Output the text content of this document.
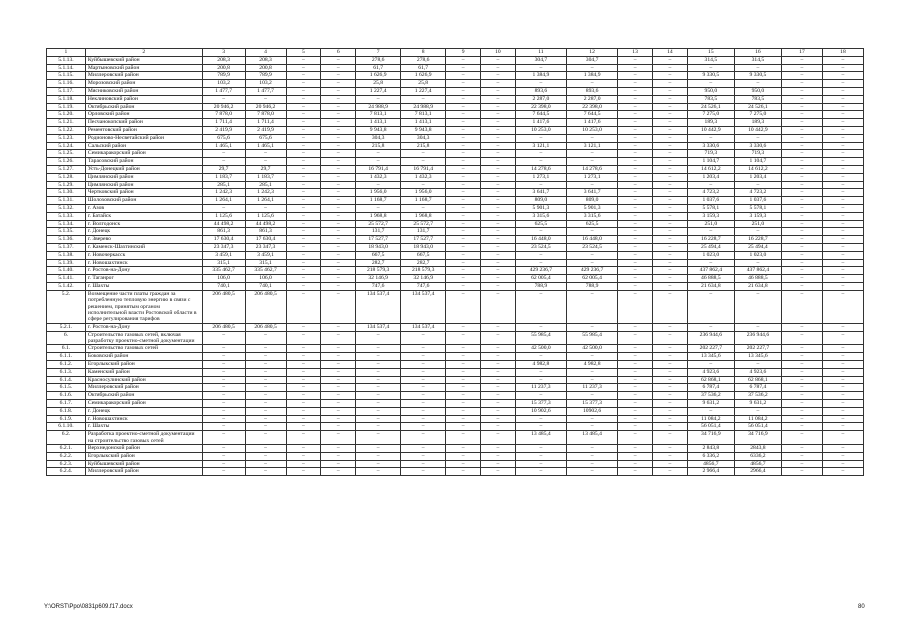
1	2	3	4	5	6	7	8	9	10	11	12	13	14	15	16	17	18
5.1.13.	Куйбышевский район	208,3	208,3	–	–	278,6	278,6	–	–	304,7	304,7	–	–	314,5	314,5	–	–
5.1.14.	Мартыновский район	200,8	200,8	–	–	61,7	61,7	–	–	–	–	–	–	–	–	–	–
5.1.15.	Миллеровский район	789,9	789,9	–	–	1 626,9	1 626,9	–	–	1 384,9	1 384,9	–	–	9 330,5	9 330,5	–	–
5.1.16.	Морозовский район	103,2	103,2	–	–	25,8	25,8	–	–	–	–	–	–	–	–	–	–
5.1.17.	Мясниковский район	1 477,7	1 477,7	–	–	1 227,4	1 227,4	–	–	893,6	893,6	–	–	950,0	950,0	–	–
5.1.18.	Неклиновский район	–	–	–	–	–	–	–	–	2 287,0	2 287,0	–	–	783,5	783,5	–	–
5.1.19.	Октябрьский район	20 946,2	20 946,2	–	–	24 988,9	24 988,9	–	–	22 398,0	22 398,0	–	–	24 526,1	24 526,1	–	–
5.1.20.	Орловский район	7 878,0	7 878,0	–	–	7 813,1	7 813,1	–	–	7 644,5	7 644,5	–	–	7 275,0	7 275,0	–	–
5.1.21.	Песчанокопский район	1 711,4	1 711,4	–	–	1 413,1	1 413,1	–	–	1 417,6	1 417,6	–	–	189,3	189,3	–	–
5.1.22.	Рементовский район	2 419,9	2 419,9	–	–	9 943,8	9 943,8	–	–	10 253,0	10 253,0	–	–	10 442,9	10 442,9	–	–
5.1.23.	Родионово-Несветайский район	675,6	675,6	–	–	304,3	304,3	–	–	–	–	–	–	–	–	–	–
5.1.24.	Сальский район	1 465,1	1 465,1	–	–	215,8	215,8	–	–	3 121,1	3 121,1	–	–	3 330,6	3 330,6	–	–
5.1.25.	Семикаракорский район	–	–	–	–	–	–	–	–	–	–	–	–	719,3	719,3	–	–
5.1.26.	Тарасовский район	–	–	–	–	–	–	–	–	–	–	–	–	1 104,7	1 104,7	–	–
5.1.27.	Усть-Донецкий район	29,7	29,7	–	–	16 791,4	16 791,4	–	–	14 278,6	14 278,6	–	–	14 612,2	14 612,2	–	–
5.1.28.	Цимлянский район	1 183,7	1 183,7	–	–	1 432,3	1 432,3	–	–	1 273,1	1 273,1	–	–	1 203,4	1 203,4	–	–
5.1.29.	Цимлянский район	285,1	285,1	–	–	–	–	–	–	–	–	–	–	–	–	–	–
5.1.30.	Чертковский район	1 242,3	1 242,3	–	–	1 956,0	1 956,0	–	–	3 641,7	3 641,7	–	–	4 723,2	4 723,2	–	–
5.1.31.	Шолоховский район	1 264,1	1 264,1	–	–	1 168,7	1 168,7	–	–	809,0	809,0	–	–	1 037,6	1 037,6	–	–
5.1.32.	г. Азов	–	–	–	–	–	–	–	–	5 901,3	5 901,3	–	–	5 578,1	5 578,1	–	–
5.1.33.	г. Батайск	1 125,6	1 125,6	–	–	1 968,8	1 968,8	–	–	3 315,6	3 315,6	–	–	3 159,3	3 159,3	–	–
5.1.34.	г. Волгодонск	44 498,2	44 498,2	–	–	25 572,7	25 572,7	–	–	625,5	625,5	–	–	251,0	251,0	–	–
5.1.35.	г. Донецк	861,3	861,3	–	–	131,7	131,7	–	–	–	–	–	–	–	–	–	–
5.1.36.	г. Зверево	17 630,4	17 630,4	–	–	17 527,7	17 527,7	–	–	16 448,0	16 448,0	–	–	16 228,7	16 228,7	–	–
5.1.37.	г. Каменск-Шахтинский	23 347,3	23 347,3	–	–	18 943,0	18 943,0	–	–	23 524,5	23 524,5	–	–	25 494,4	25 494,4	–	–
5.1.38.	г. Новочеркасск	3 459,1	3 459,1	–	–	667,5	667,5	–	–	–	–	–	–	1 023,0	1 023,0	–	–
5.1.39.	г. Новошахтинск	315,1	315,1	–	–	282,7	282,7	–	–	–	–	–	–	–	–	–	–
5.1.40.	г. Ростов-на-Дону	335 462,7	335 462,7	–	–	218 579,3	218 579,3	–	–	429 236,7	429 236,7	–	–	437 862,4	437 862,4	–	–
5.1.41.	г. Таганрог	106,0	106,0	–	–	32 146,9	32 146,9	–	–	62 005,4	62 005,4	–	–	46 888,5	46 888,5	–	–
5.1.42.	г. Шахты	740,1	740,1	–	–	747,6	747,6	–	–	788,9	788,9	–	–	21 634,8	21 634,8	–	–
5.2.	Возмещение части платы граждан за потребленную тепловую энергию в связи с решением, принятым органом исполнительной власти Ростовской области в сфере регулирования тарифов	206 480,5	206 480,5	–	–	134 537,4	134 537,4	–	–	–	–	–	–	–	–	–	–
5.2.1.	г. Ростов-на-Дону	206 480,5	206 480,5	–	–	134 537,4	134 537,4	–	–	–	–	–	–	–	–	–	–
6.	Строительство газовых сетей, включая разработку проектно-сметной документации	–	–	–	–	–	–	–	–	55 985,4	55 985,4	–	–	236 944,6	236 944,6	–	–
6.1.	Строительство газовых сетей	–	–	–	–	–	–	–	–	42 500,0	42 500,0	–	–	202 227,7	202 227,7	–	–
6.1.1.	Боковский район	–	–	–	–	–	–	–	–	–	–	–	–	13 345,6	13 345,6	–	–
6.1.2.	Егорлыкский район	–	–	–	–	–	–	–	–	4 982,8	4 982,8	–	–	–	–	–	–
6.1.3.	Каменский район	–	–	–	–	–	–	–	–	–	–	–	–	4 923,6	4 923,6	–	–
6.1.4.	Красносулинский район	–	–	–	–	–	–	–	–	–	–	–	–	62 868,1	62 868,1	–	–
6.1.5.	Миллеровский район	–	–	–	–	–	–	–	–	11 237,3	11 237,3	–	–	6 787,4	6 787,4	–	–
6.1.6.	Октябрьский район	–	–	–	–	–	–	–	–	–	–	–	–	37 536,2	37 536,2	–	–
6.1.7.	Семикаракорский район	–	–	–	–	–	–	–	–	15 377,3	15 377,3	–	–	9 631,2	9 631,2	–	–
6.1.8.	г. Донецк	–	–	–	–	–	–	–	–	10 902,6	10902,6	–	–	–	–	–	–
6.1.9.	г. Новошахтинск	–	–	–	–	–	–	–	–	–	–	–	–	11 084,2	11 084,2	–	–
6.1.10.	г. Шахты	–	–	–	–	–	–	–	–	–	–	–	–	56 051,4	56 051,4	–	–
6.2.	Разработка проектно-сметной документации на строительство газовых сетей	–	–	–	–	–	–	–	–	13 485,4	13 485,4	–	–	34 716,9	34 716,9	–	–
6.2.1.	Верхнедонской район	–	–	–	–	–	–	–	–	–	–	–	–	2 843,8	2843,8	–	–
6.2.2.	Егорлыкский район	–	–	–	–	–	–	–	–	–	–	–	–	6 336,2	6336,2	–	–
6.2.3.	Куйбышевский район	–	–	–	–	–	–	–	–	–	–	–	–	4856,7	4856,7	–	–
6.2.4.	Миллеровский район	–	–	–	–	–	–	–	–	–	–	–	–	2 966,4	2966,4	–	–
Y:\ORST\Ppo\0831p609.f17.docx	80
